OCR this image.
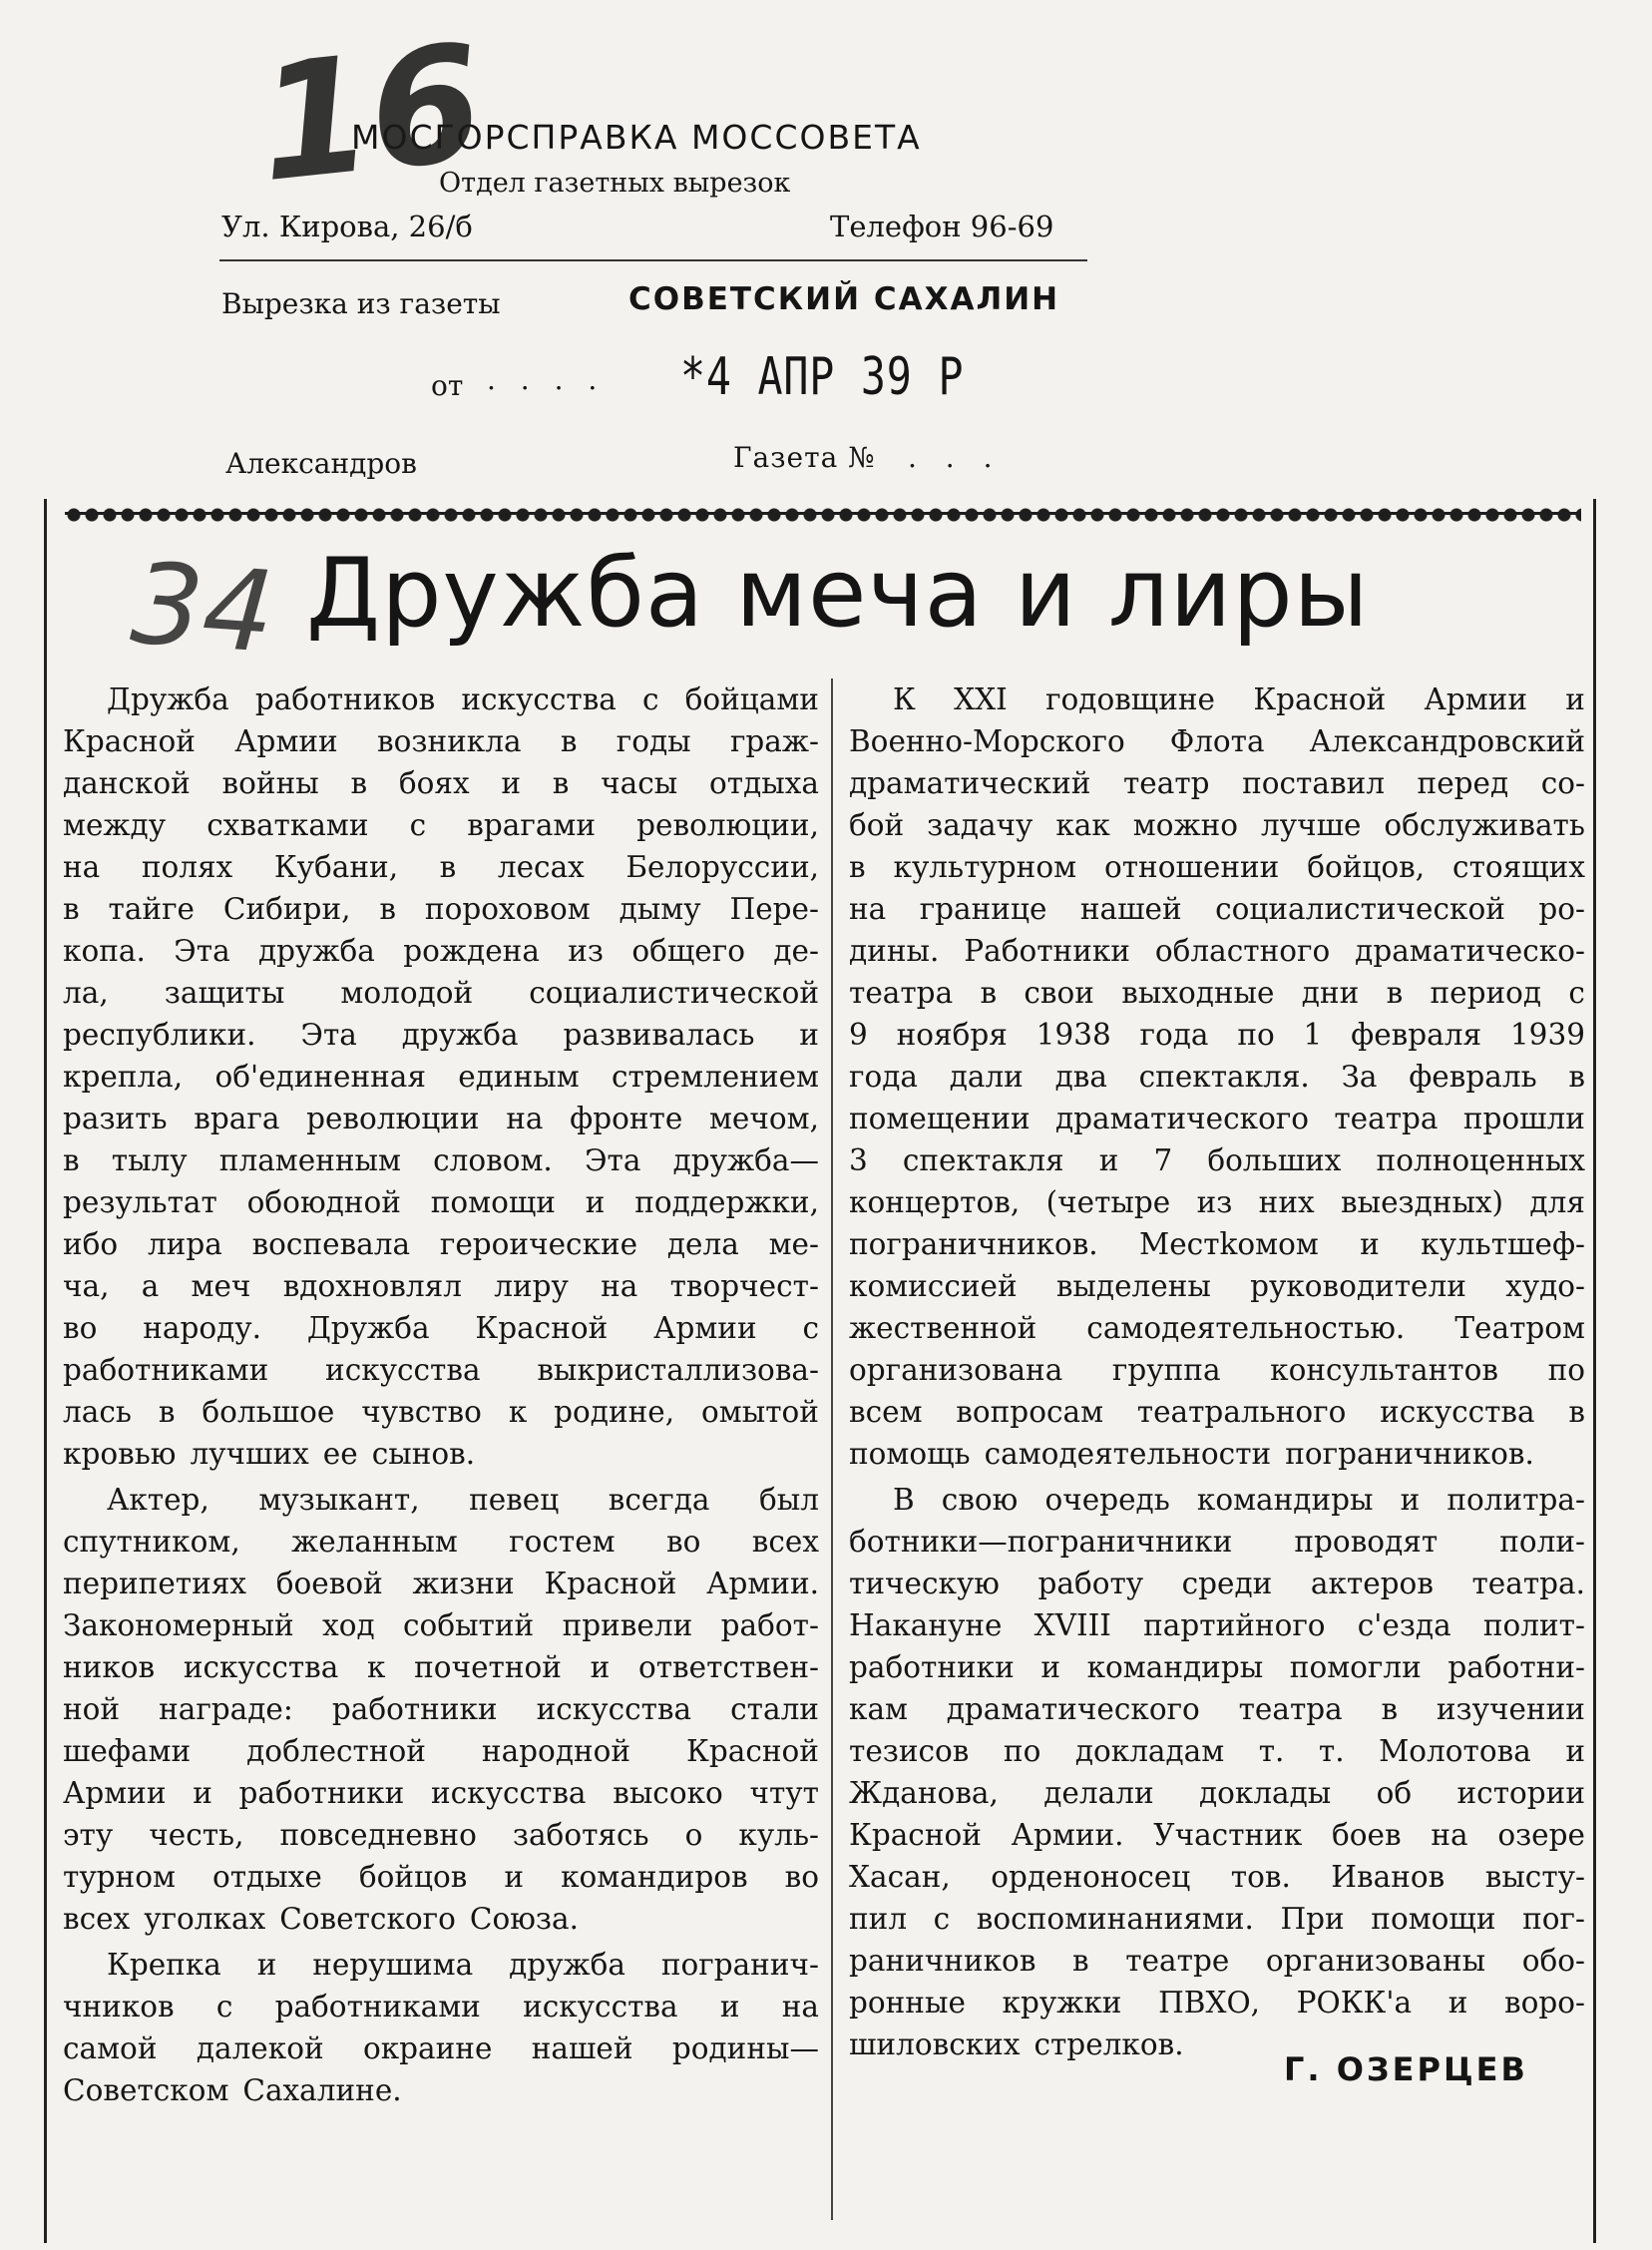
МОСГОРСПРАВКА МОССОВЕТА
Отдел газетных вырезок
Ул. Кирова, 26/б	Телефон 96-69
Вырезка из газеты	СОВЕТСКИЙ САХАЛИН
от . . . . *4 АПР 39 Р
Александров	Газета № . . .
16
34 Дружба меча и лиры
Дружба работников искусства с бойцами
Красной Армии возникла в годы граж-
данской войны в боях и в часы отдыха
между схватками с врагами революции,
на полях Кубани, в лесах Белоруссии,
в тайге Сибири, в пороховом дыму Пере-
копа. Эта дружба рождена из общего де-
ла, защиты молодой социалистической
республики. Эта дружба развивалась и
крепла, об'единенная единым стремлением
разить врага революции на фронте мечом,
в тылу пламенным словом. Эта дружба—
результат обоюдной помощи и поддержки,
ибо лира воспевала героические дела ме-
ча, а меч вдохновлял лиру на творчест-
во народу. Дружба Красной Армии с
работниками искусства выкристаллизова-
лась в большое чувство к родине, омытой
кровью лучших ее сынов.
Актер, музыкант, певец всегда был
спутником, желанным гостем во всех
перипетиях боевой жизни Красной Армии.
Закономерный ход событий привели работ-
ников искусства к почетной и ответствен-
ной награде: работники искусства стали
шефами доблестной народной Красной
Армии и работники искусства высоко чтут
эту честь, повседневно заботясь о куль-
турном отдыхе бойцов и командиров во
всех уголках Советского Союза.
Крепка и нерушима дружба погранич-
чников с работниками искусства и на
самой далекой окраине нашей родины—
Советском Сахалине.
К XXI годовщине Красной Армии и
Военно-Морского Флота Александровский
драматический театр поставил перед со-
бой задачу как можно лучше обслуживать
в культурном отношении бойцов, стоящих
на границе нашей социалистической ро-
дины. Работники областного драматическо-
театра в свои выходные дни в период с
9 ноября 1938 года по 1 февраля 1939
года дали два спектакля. За февраль в
помещении драматического театра прошли
3 спектакля и 7 больших полноценных
концертов, (четыре из них выездных) для
пограничников. Местkомом и культшеф-
комиссией выделены руководители худо-
жественной самодеятельностью. Театром
организована группа консультантов по
всем вопросам театрального искусства в
помощь самодеятельности пограничников.
В свою очередь командиры и политра-
ботники—пограничники проводят поли-
тическую работу среди актеров театра.
Накануне XVIII партийного с'езда полит-
работники и командиры помогли работни-
кам драматического театра в изучении
тезисов по докладам т. т. Молотова и
Жданова, делали доклады об истории
Красной Армии. Участник боев на озере
Хасан, орденоносец тов. Иванов высту-
пил с воспоминаниями. При помощи пог-
раничников в театре организованы обо-
ронные кружки ПВХО, РОКК'а и воро-
шиловских стрелков.
Г. ОЗЕРЦЕВ
